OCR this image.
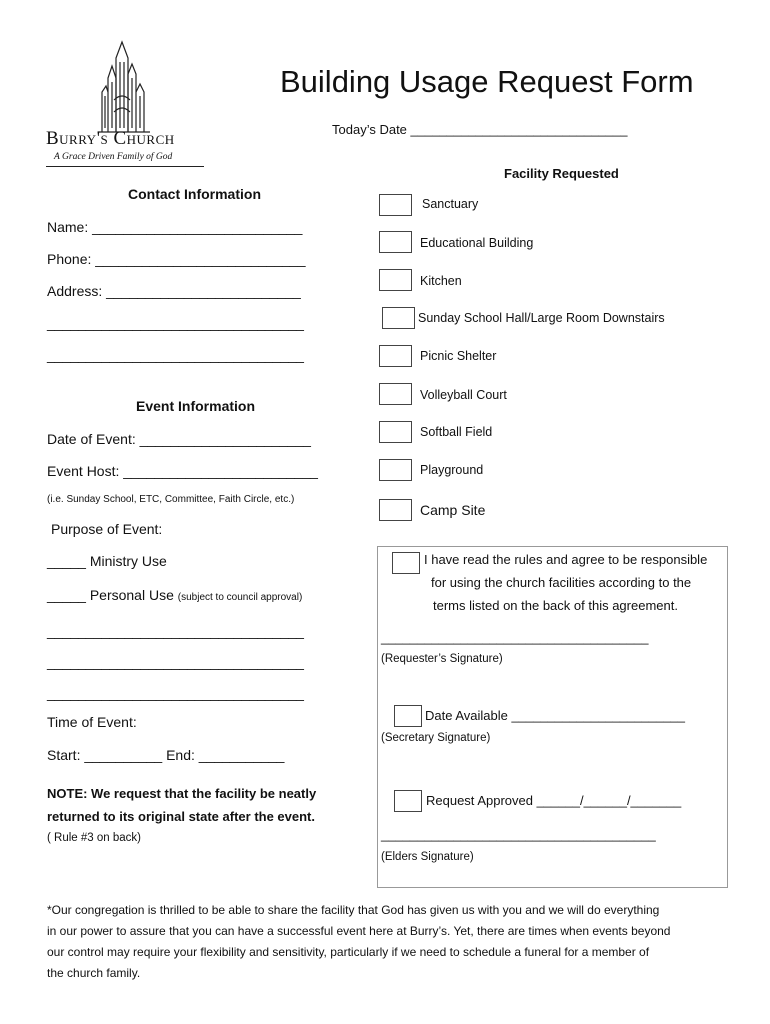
Burry's Church
A Grace Driven Family of God
Building Usage Request Form
Today’s Date ______________________________
Contact Information
Name: ___________________________
Phone: ___________________________
Address: _________________________
_________________________________
_________________________________
Event Information
Date of Event: ______________________
Event Host: _________________________
(i.e. Sunday School, ETC, Committee, Faith Circle, etc.)
Purpose of Event:
_____ Ministry Use
_____ Personal Use (subject to council approval)
_________________________________
_________________________________
_________________________________
Time of Event:
Start: __________ End: ___________
NOTE: We request that the facility be neatly
returned to its original state after the event.
( Rule #3 on back)
Facility Requested
Sanctuary
Educational Building
Kitchen
Sunday School Hall/Large Room Downstairs
Picnic Shelter
Volleyball Court
Softball Field
Playground
Camp Site
I have read the rules and agree to be responsible
for using the church facilities according to the
terms listed on the back of this agreement.
_____________________________________
(Requester’s Signature)
Date Available ________________________
(Secretary Signature)
Request Approved ______/______/_______
______________________________________
(Elders Signature)
*Our congregation is thrilled to be able to share the facility that God has given us with you and we will do everything
in our power to assure that you can have a successful event here at Burry’s. Yet, there are times when events beyond
our control may require your flexibility and sensitivity, particularly if we need to schedule a funeral for a member of
the church family.
